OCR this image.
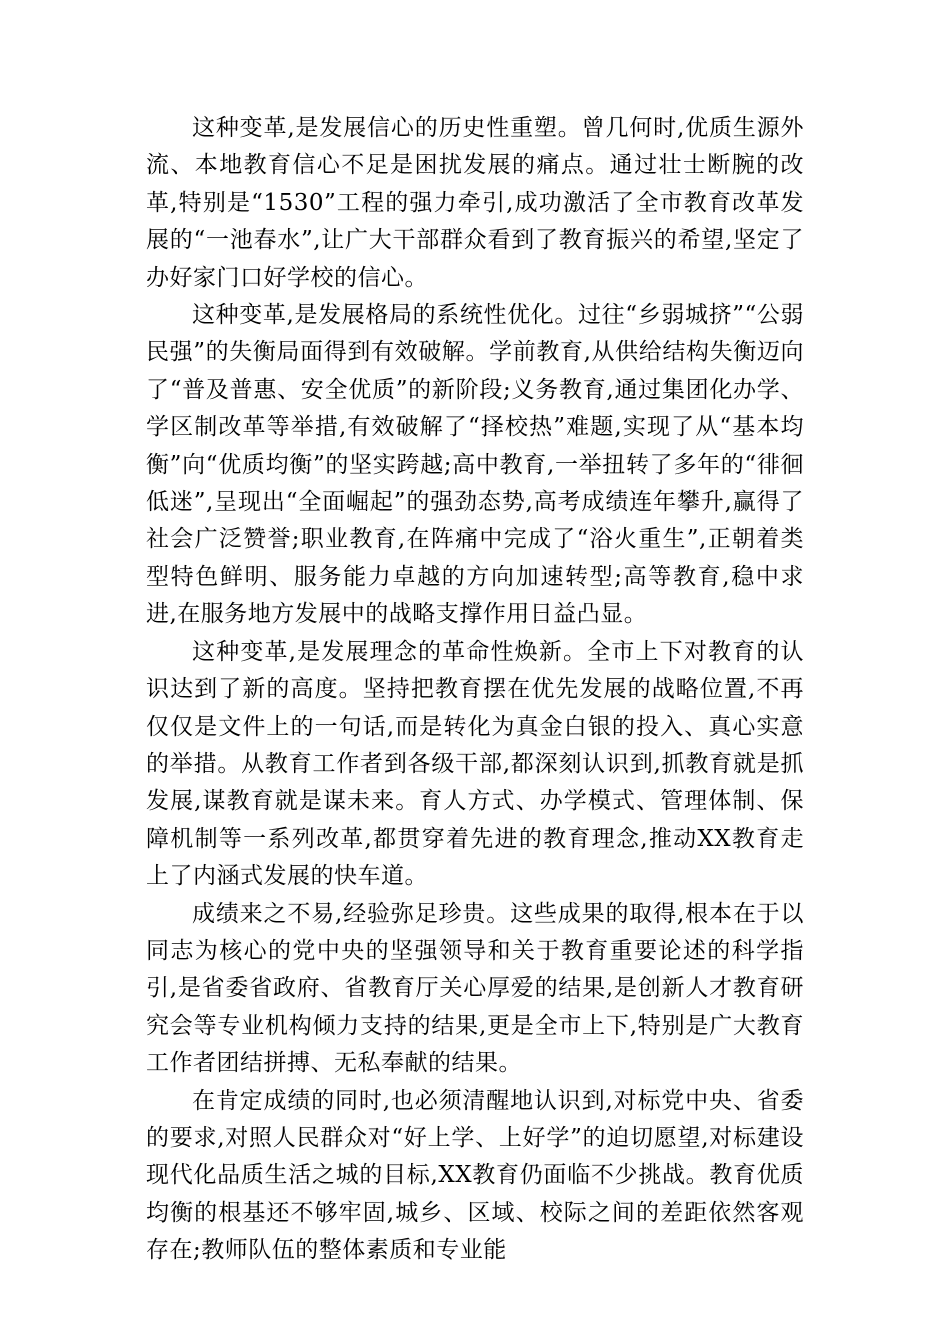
这种变革,是发展信心的历史性重塑。曾几何时,优质生源外流、本地教育信心不足是困扰发展的痛点。通过壮士断腕的改革,特别是“1530”工程的强力牵引,成功激活了全市教育改革发展的“一池春水”,让广大干部群众看到了教育振兴的希望,坚定了办好家门口好学校的信心。

这种变革,是发展格局的系统性优化。过往“乡弱城挤”“公弱民强”的失衡局面得到有效破解。学前教育,从供给结构失衡迈向了“普及普惠、安全优质”的新阶段;义务教育,通过集团化办学、学区制改革等举措,有效破解了“择校热”难题,实现了从“基本均衡”向“优质均衡”的坚实跨越;高中教育,一举扭转了多年的“徘徊低迷”,呈现出“全面崛起”的强劲态势,高考成绩连年攀升,赢得了社会广泛赞誉;职业教育,在阵痛中完成了“浴火重生”,正朝着类型特色鲜明、服务能力卓越的方向加速转型;高等教育,稳中求进,在服务地方发展中的战略支撑作用日益凸显。

这种变革,是发展理念的革命性焕新。全市上下对教育的认识达到了新的高度。坚持把教育摆在优先发展的战略位置,不再仅仅是文件上的一句话,而是转化为真金白银的投入、真心实意的举措。从教育工作者到各级干部,都深刻认识到,抓教育就是抓发展,谋教育就是谋未来。育人方式、办学模式、管理体制、保障机制等一系列改革,都贯穿着先进的教育理念,推动XX教育走上了内涵式发展的快车道。

成绩来之不易,经验弥足珍贵。这些成果的取得,根本在于以同志为核心的党中央的坚强领导和关于教育重要论述的科学指引,是省委省政府、省教育厅关心厚爱的结果,是创新人才教育研究会等专业机构倾力支持的结果,更是全市上下,特别是广大教育工作者团结拼搏、无私奉献的结果。

在肯定成绩的同时,也必须清醒地认识到,对标党中央、省委的要求,对照人民群众对“好上学、上好学”的迫切愿望,对标建设现代化品质生活之城的目标,XX教育仍面临不少挑战。教育优质均衡的根基还不够牢固,城乡、区域、校际之间的差距依然客观存在;教师队伍的整体素质和专业能
